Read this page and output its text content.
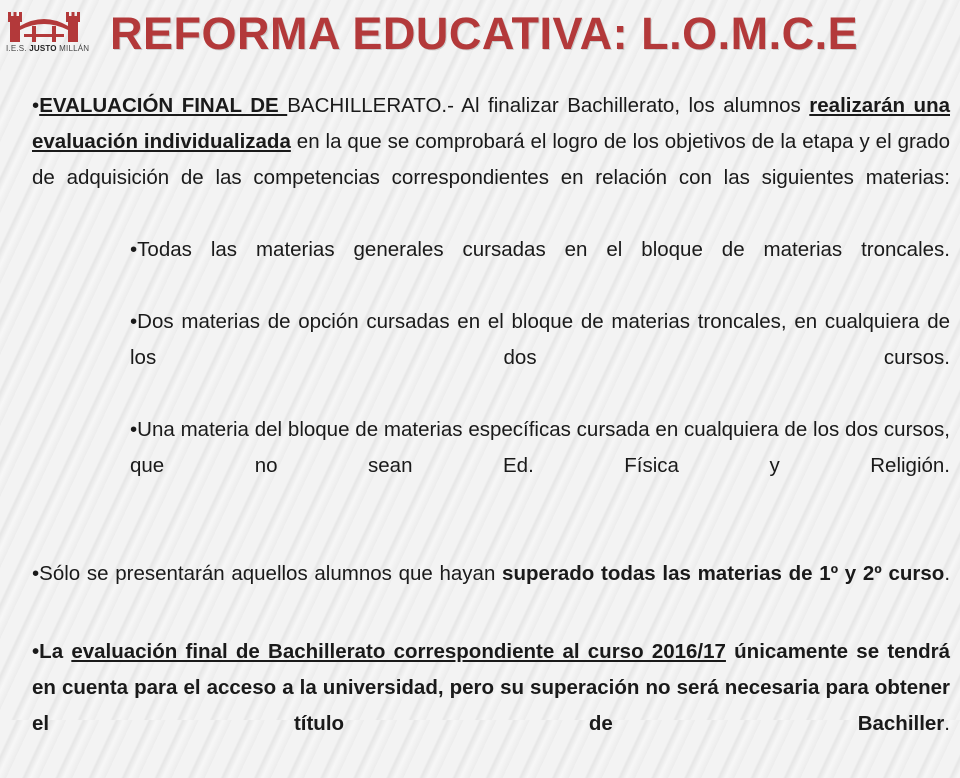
I.E.S. JUSTO MILLÁN REFORMA EDUCATIVA: L.O.M.C.E

•EVALUACIÓN FINAL DE BACHILLERATO.- Al finalizar Bachillerato, los alumnos realizarán una evaluación individualizada en la que se comprobará el logro de los objetivos de la etapa y el grado de adquisición de las competencias correspondientes en relación con las siguientes materias:

•Todas las materias generales cursadas en el bloque de materias troncales.

•Dos materias de opción cursadas en el bloque de materias troncales, en cualquiera de los dos cursos.

•Una materia del bloque de materias específicas cursada en cualquiera de los dos cursos, que no sean Ed. Física y Religión.

•Sólo se presentarán aquellos alumnos que hayan superado todas las materias de 1º y 2º curso.

•La evaluación final de Bachillerato correspondiente al curso 2016/17 únicamente se tendrá en cuenta para el acceso a la universidad, pero su superación no será necesaria para obtener el título de Bachiller.
